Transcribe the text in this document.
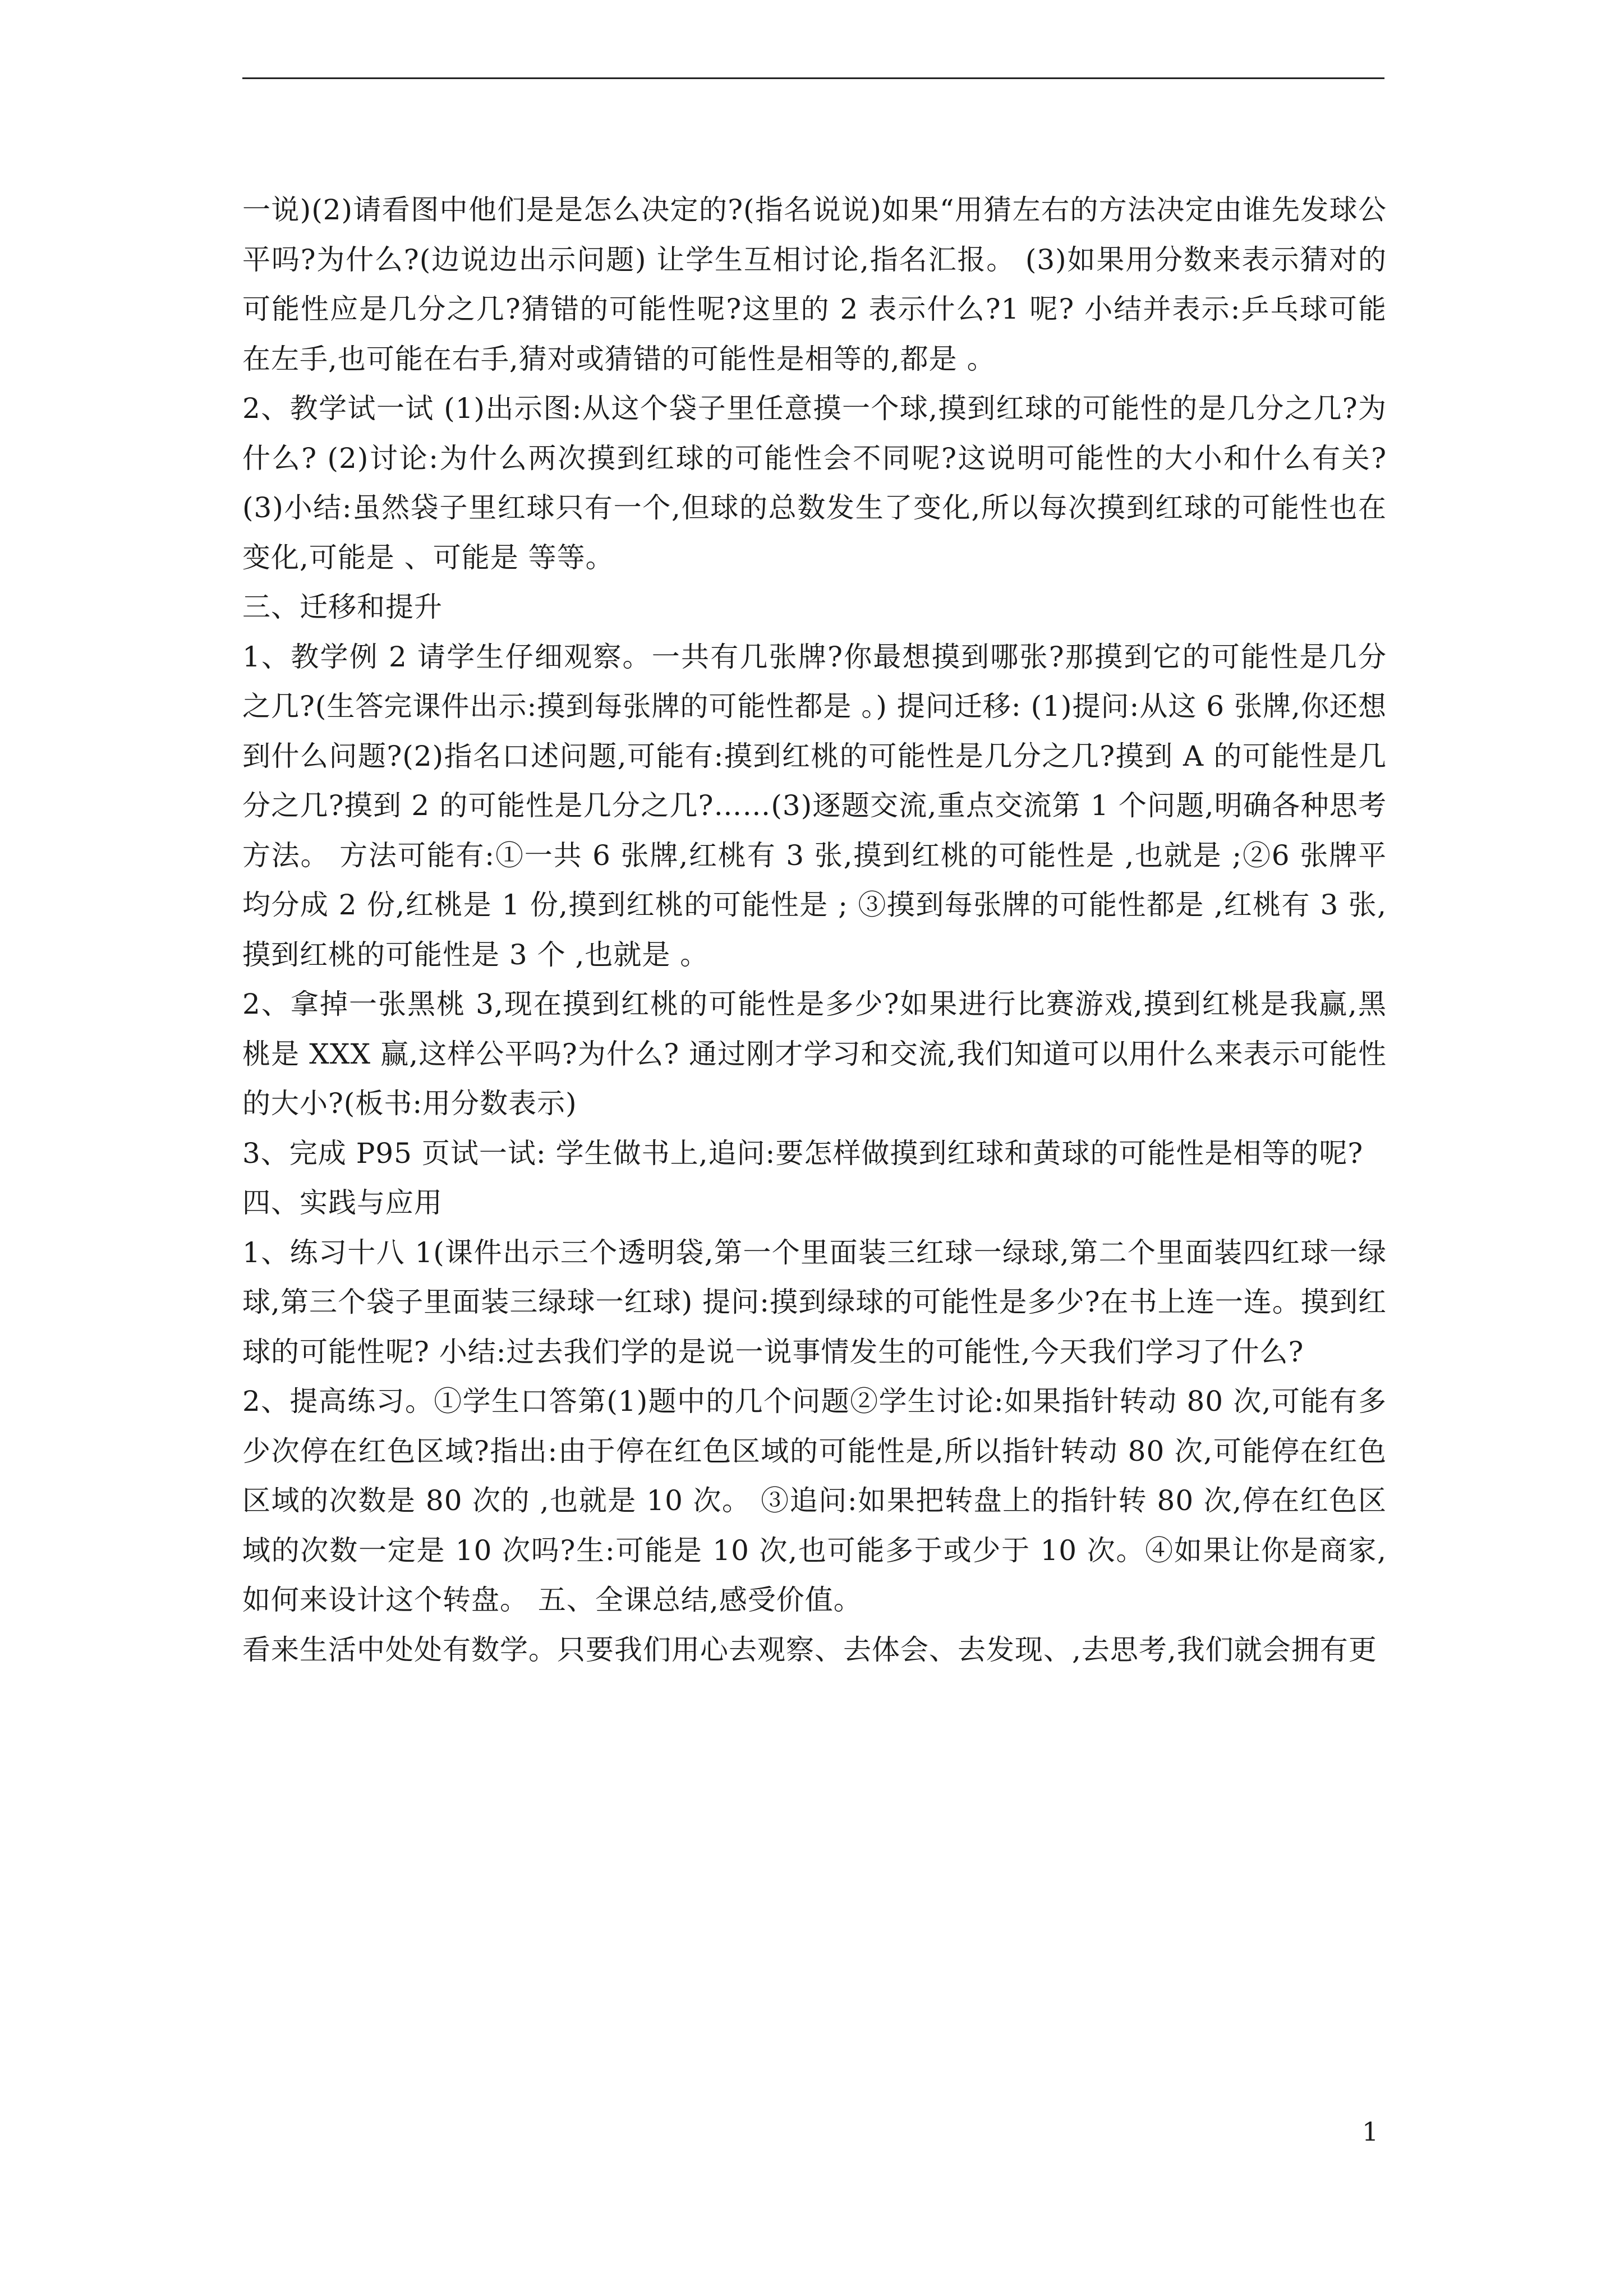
一说)(2)请看图中他们是是怎么决定的?(指名说说)如果“用猜左右的方法决定由谁先发球公平吗?为什么?(边说边出示问题) 让学生互相讨论,指名汇报。 (3)如果用分数来表示猜对的可能性应是几分之几?猜错的可能性呢?这里的 2 表示什么?1 呢? 小结并表示:乒乓球可能在左手,也可能在右手,猜对或猜错的可能性是相等的,都是 。

2、教学试一试 (1)出示图:从这个袋子里任意摸一个球,摸到红球的可能性的是几分之几?为什么? (2)讨论:为什么两次摸到红球的可能性会不同呢?这说明可能性的大小和什么有关? (3)小结:虽然袋子里红球只有一个,但球的总数发生了变化,所以每次摸到红球的可能性也在变化,可能是 、可能是 等等。

三、迁移和提升

1、教学例 2 请学生仔细观察。一共有几张牌?你最想摸到哪张?那摸到它的可能性是几分之几?(生答完课件出示:摸到每张牌的可能性都是 。) 提问迁移: (1)提问:从这 6 张牌,你还想到什么问题?(2)指名口述问题,可能有:摸到红桃的可能性是几分之几?摸到 A 的可能性是几分之几?摸到 2 的可能性是几分之几?……(3)逐题交流,重点交流第 1 个问题,明确各种思考方法。 方法可能有:①一共 6 张牌,红桃有 3 张,摸到红桃的可能性是 ,也就是 ;②6 张牌平均分成 2 份,红桃是 1 份,摸到红桃的可能性是 ; ③摸到每张牌的可能性都是 ,红桃有 3 张,摸到红桃的可能性是 3 个 ,也就是 。

2、拿掉一张黑桃 3,现在摸到红桃的可能性是多少?如果进行比赛游戏,摸到红桃是我赢,黑桃是 XXX 赢,这样公平吗?为什么? 通过刚才学习和交流,我们知道可以用什么来表示可能性的大小?(板书:用分数表示)

3、完成 P95 页试一试: 学生做书上,追问:要怎样做摸到红球和黄球的可能性是相等的呢?

四、实践与应用

1、练习十八 1(课件出示三个透明袋,第一个里面装三红球一绿球,第二个里面装四红球一绿球,第三个袋子里面装三绿球一红球) 提问:摸到绿球的可能性是多少?在书上连一连。摸到红球的可能性呢? 小结:过去我们学的是说一说事情发生的可能性,今天我们学习了什么?

2、提高练习。①学生口答第(1)题中的几个问题②学生讨论:如果指针转动 80 次,可能有多少次停在红色区域?指出:由于停在红色区域的可能性是,所以指针转动 80 次,可能停在红色区域的次数是 80 次的 ,也就是 10 次。 ③追问:如果把转盘上的指针转 80 次,停在红色区域的次数一定是 10 次吗?生:可能是 10 次,也可能多于或少于 10 次。④如果让你是商家,如何来设计这个转盘。 五、全课总结,感受价值。

看来生活中处处有数学。只要我们用心去观察、去体会、去发现、,去思考,我们就会拥有更

1
